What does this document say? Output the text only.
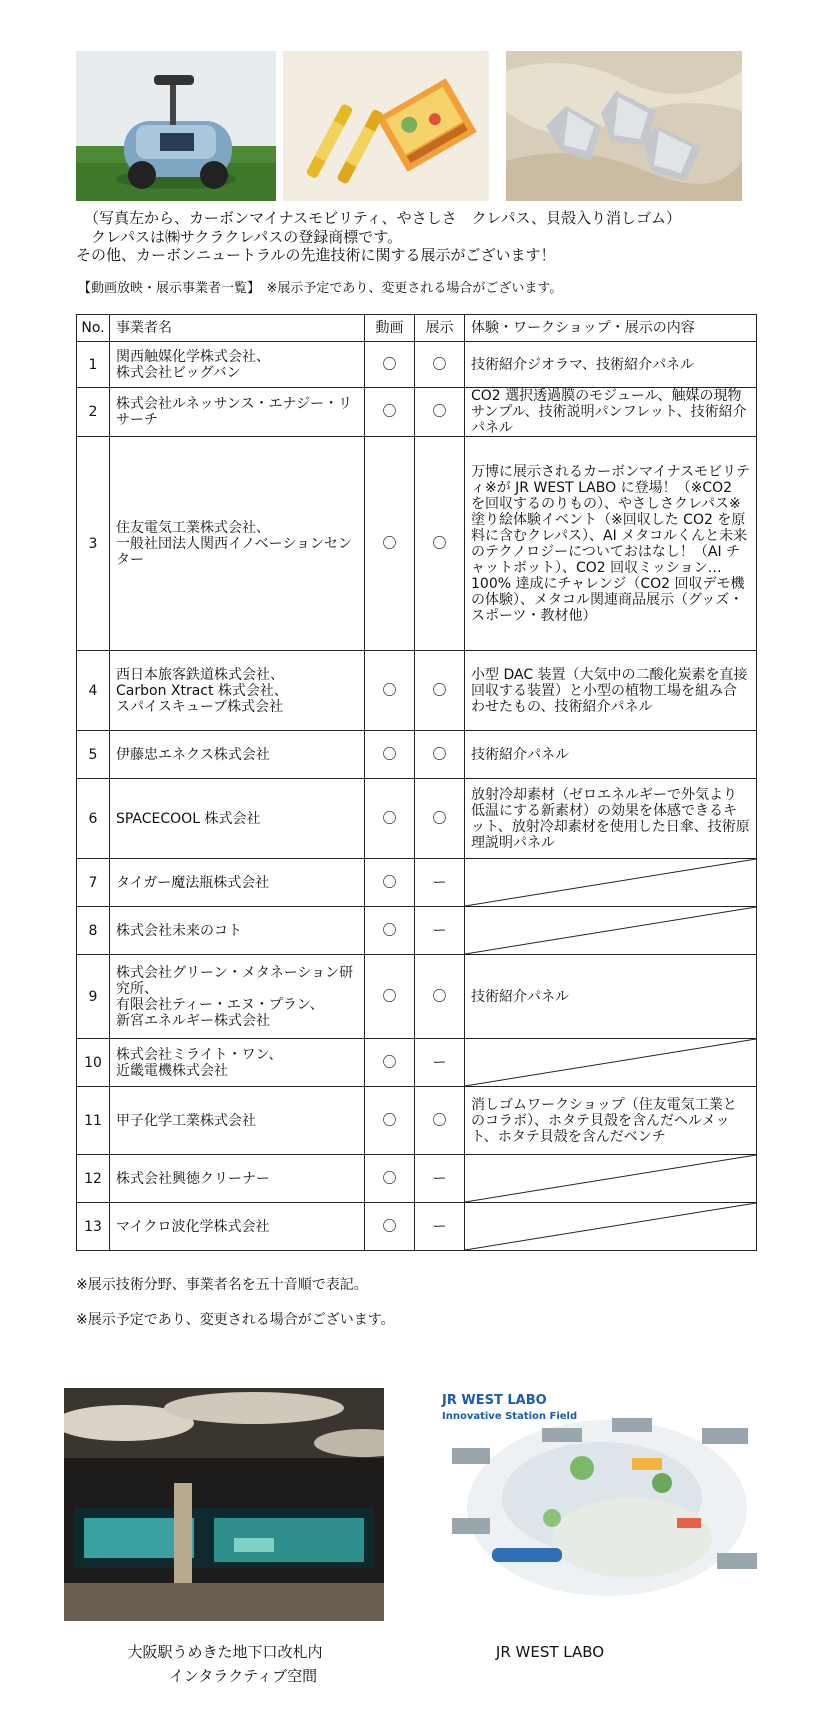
（写真左から、カーボンマイナスモビリティ、やさしさ　クレパス、貝殻入り消しゴム）
　クレパスは㈱サクラクレパスの登録商標です。
その他、カーボンニュートラルの先進技術に関する展示がございます！
【動画放映・展示事業者一覧】　※展示予定であり、変更される場合がございます。
No.	事業者名	動画	展示	体験・ワークショップ・展示の内容
1	関西触媒化学株式会社、
株式会社ビッグバン	〇	〇	技術紹介ジオラマ、技術紹介パネル
2	株式会社ルネッサンス・エナジー・リサーチ	〇	〇	CO2 選択透過膜のモジュール、触媒の現物サンプル、技術説明パンフレット、技術紹介パネル
3	住友電気工業株式会社、
一般社団法人関西イノベーションセンター	〇	〇	万博に展示されるカーボンマイナスモビリティ※が JR WEST LABO に登場！（※CO2 を回収するのりもの）、やさしさクレパス※塗り絵体験イベント（※回収した CO2 を原料に含むクレパス）、AI メタコルくんと未来のテクノロジーについておはなし！（AI チャットボット）、CO2 回収ミッション…100% 達成にチャレンジ（CO2 回収デモ機の体験）、メタコル関連商品展示（グッズ・スポーツ・教材他）
4	西日本旅客鉄道株式会社、
Carbon Xtract 株式会社、
スパイスキューブ株式会社	〇	〇	小型 DAC 装置（大気中の二酸化炭素を直接回収する装置）と小型の植物工場を組み合わせたもの、技術紹介パネル
5	伊藤忠エネクス株式会社	〇	〇	技術紹介パネル
6	SPACECOOL 株式会社	〇	〇	放射冷却素材（ゼロエネルギーで外気より低温にする新素材）の効果を体感できるキット、放射冷却素材を使用した日傘、技術原理説明パネル
7	タイガー魔法瓶株式会社	〇	ー	

8	株式会社未来のコト	〇	ー	

9	株式会社グリーン・メタネーション研究所、
有限会社ティー・エヌ・プラン、
新宮エネルギー株式会社	〇	〇	技術紹介パネル
10	株式会社ミライト・ワン、
近畿電機株式会社	〇	ー	

11	甲子化学工業株式会社	〇	〇	消しゴムワークショップ（住友電気工業とのコラボ）、ホタテ貝殻を含んだヘルメット、ホタテ貝殻を含んだベンチ
12	株式会社興徳クリーナー	〇	ー	

13	マイクロ波化学株式会社	〇	ー	
※展示技術分野、事業者名を五十音順で表記。
※展示予定であり、変更される場合がございます。
JR WEST LABO
Innovative Station Field
大阪駅うめきた地下口改札内
インタラクティブ空間
JR WEST LABO
